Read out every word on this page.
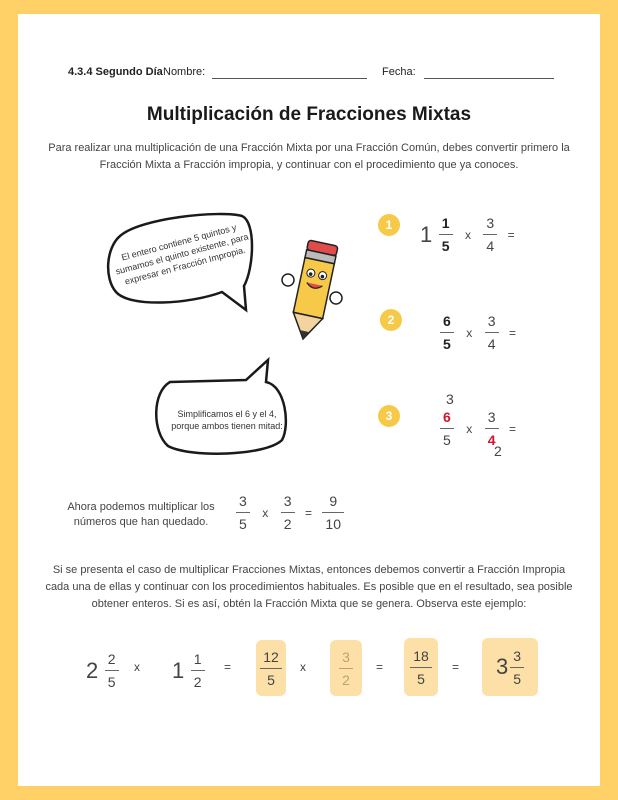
4.3.4 Segundo Día Nombre:	Fecha:
Multiplicación de Fracciones Mixtas
Para realizar una multiplicación de una Fracción Mixta por una Fracción Común, debes convertir primero la Fracción Mixta a Fracción impropia, y continuar con el procedimiento que ya conoces.
El entero contiene 5 quintos y sumamos el quinto existente, para expresar en Fracción Impropia.
Simplificamos el 6 y el 4, porque ambos tienen mitad:
1	$1 \frac{1}{5}$ x $\frac{3}{4}$ =
2	$\frac{6}{5}$ x $\frac{3}{4}$ =
3
3
$\frac{6}{5}$ x $\frac{3}{4}$ =
2
Ahora podemos multiplicar los números que han quedado.	$\frac{3}{5}$ x $\frac{3}{2} = \frac{9}{10}$
Si se presenta el caso de multiplicar Fracciones Mixtas, entonces debemos convertir a Fracción Impropia cada una de ellas y continuar con los procedimientos habituales. Es posible que en el resultado, sea posible obtener enteros. Si es así, obtén la Fracción Mixta que se genera. Observa este ejemplo:
$2 \frac{2}{5}$ x $1 \frac{1}{2} = \frac{12}{5}$ x $\frac{3}{2} = \frac{18}{5} = 3 \frac{3}{5}$
